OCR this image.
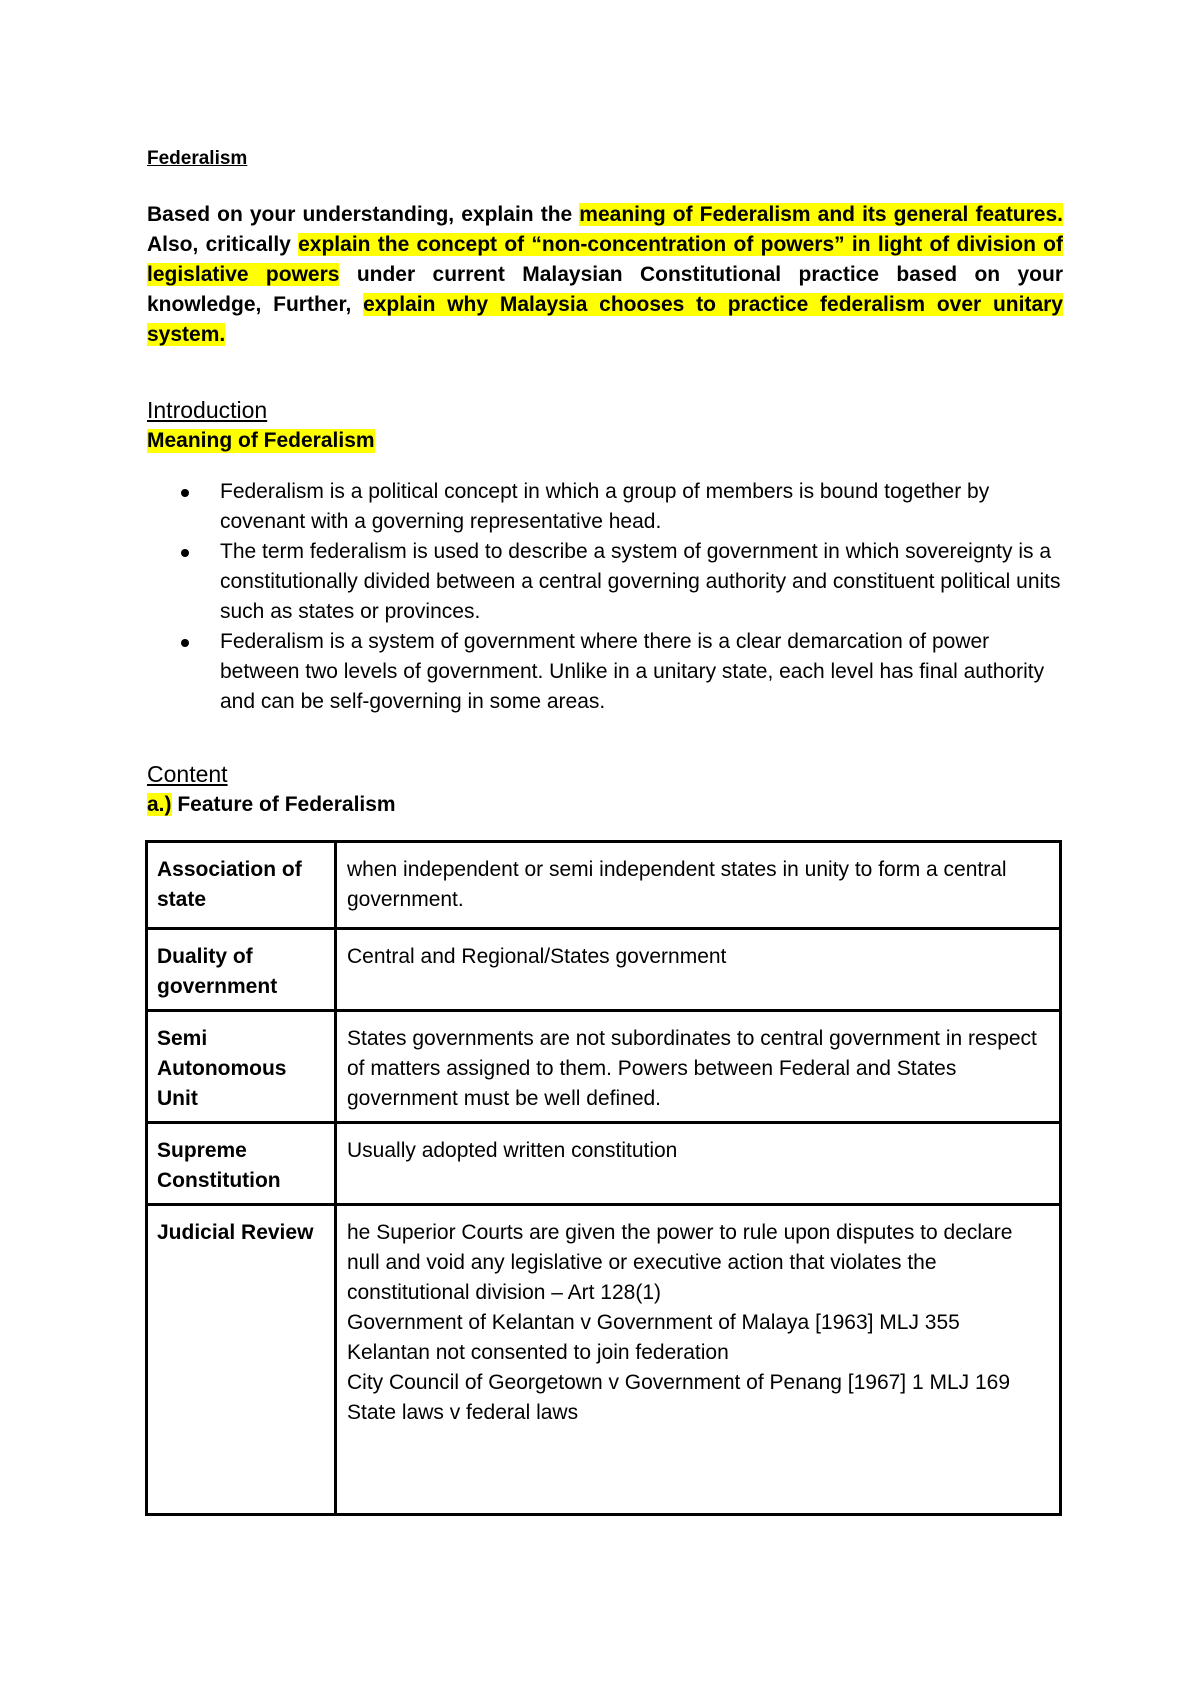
Federalism
Based on your understanding, explain the meaning of Federalism and its general features. Also, critically explain the concept of “non-concentration of powers” in light of division of legislative powers under current Malaysian Constitutional practice based on your knowledge, Further, explain why Malaysia chooses to practice federalism over unitary system.
Introduction
Meaning of Federalism
Federalism is a political concept in which a group of members is bound together by covenant with a governing representative head.
The term federalism is used to describe a system of government in which sovereignty is a constitutionally divided between a central governing authority and constituent political units such as states or provinces.
Federalism is a system of government where there is a clear demarcation of power between two levels of government. Unlike in a unitary state, each level has final authority and can be self-governing in some areas.
Content
a.) Feature of Federalism
Association of state	when independent or semi independent states in unity to form a central government.

Duality of government	Central and Regional/States government

Semi Autonomous Unit	States governments are not subordinates to central government in respect of matters assigned to them. Powers between Federal and States government must be well defined.

Supreme Constitution	Usually adopted written constitution

Judicial Review	he Superior Courts are given the power to rule upon disputes to declare null and void any legislative or executive action that violates the constitutional division – Art 128(1)
Government of Kelantan v Government of Malaya [1963] MLJ 355
Kelantan not consented to join federation
City Council of Georgetown v Government of Penang [1967] 1 MLJ 169
State laws v federal laws
